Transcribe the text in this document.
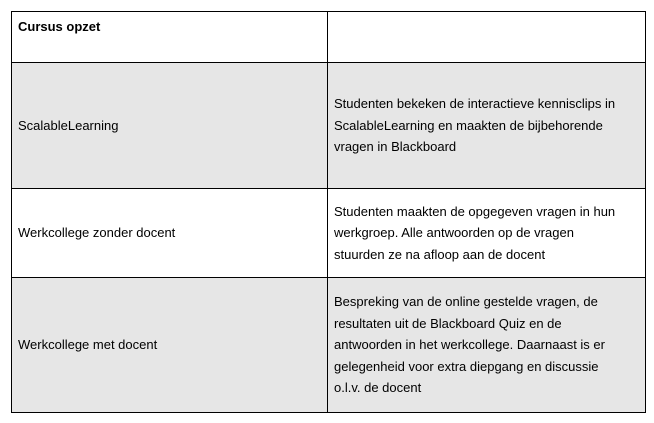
Cursus opzet	
ScalableLearning	Studenten bekeken de interactieve kennisclips in ScalableLearning en maakten de bijbehorende vragen in Blackboard

Werkcollege zonder docent	Studenten maakten de opgegeven vragen in hun werkgroep. Alle antwoorden op de vragen stuurden ze na afloop aan de docent

Werkcollege met docent	Bespreking van de online gestelde vragen, de resultaten uit de Blackboard Quiz en de antwoorden in het werkcollege. Daarnaast is er gelegenheid voor extra diepgang en discussie o.l.v. de docent
